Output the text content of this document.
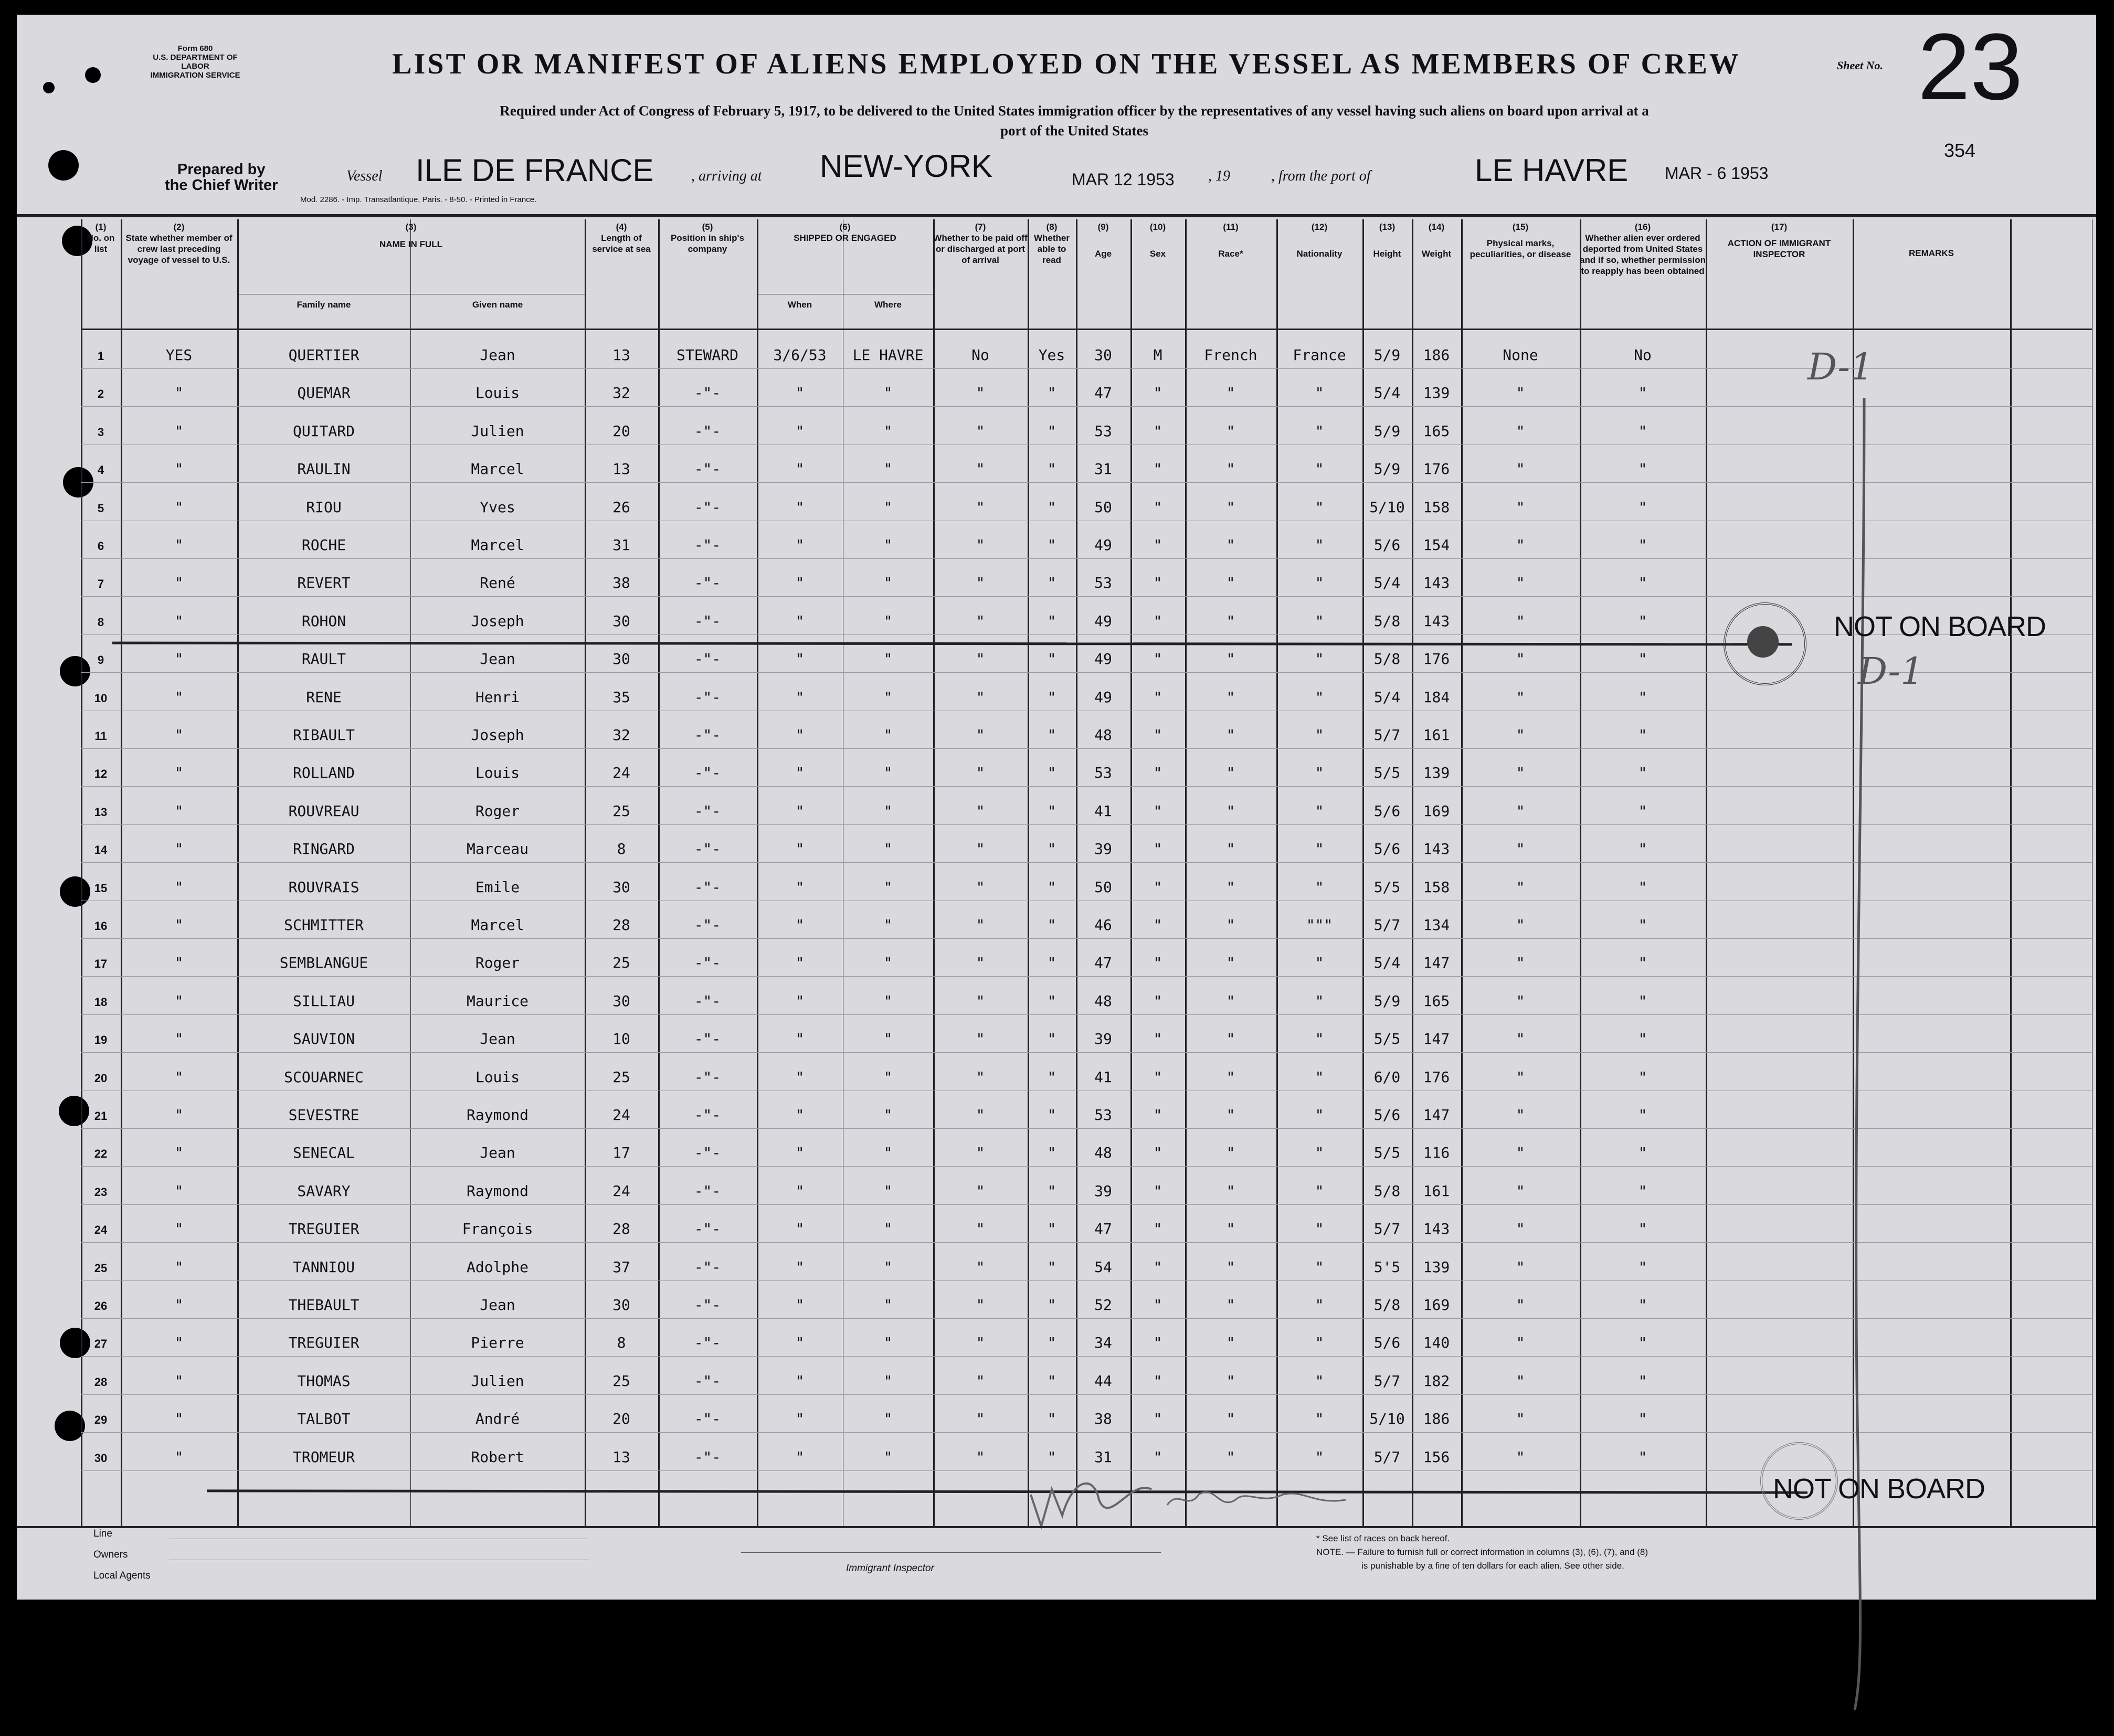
Form 680
U.S. DEPARTMENT OF LABOR
IMMIGRATION SERVICE	LIST OR MANIFEST OF ALIENS EMPLOYED ON THE VESSEL AS MEMBERS OF CREW
Required under Act of Congress of February 5, 1917, to be delivered to the United States immigration officer by the representatives of any vessel having such aliens on board upon arrival at a
port of the United States
Sheet No. 23
354
Prepared by
the Chief Writer
Vessel ILE DE FRANCE	, arriving at NEW-YORK	MAR 12 1953 , 19	, from the port of	LE HAVRE MAR - 6 1953
Mod. 2286. - Imp. Transatlantique, Paris. - 8-50. - Printed in France.
(1)
No. on list
(2)
State whether member of crew last preceding voyage of vessel to U.S.
(3)
NAME IN FULL
Family name	Given name
(4)
Length of service at sea
(5)
Position in ship's company
(6)
SHIPPED OR ENGAGED
When	Where
(7)
Whether to be paid off or discharged at port of arrival
(8)
Whether able to read
(9)
Age
(10)
Sex
(11)
Race*
(12)
Nationality
(13)
Height
(14)
Weight
(15)
Physical marks, peculiarities, or disease
(16)
Whether alien ever ordered deported from United States and if so, whether permission to reapply has been obtained
(17)
ACTION OF IMMIGRANT INSPECTOR	REMARKS
1	YES	QUERTIER	Jean	13	STEWARD	3/6/53	LE HAVRE	No	Yes	30	M	French	France	5/9	186	None	No
2	"	QUEMAR	Louis	32	-"-	"	"	"	"	47	"	"	"	5/4	139	"	"
3	"	QUITARD	Julien	20	-"-	"	"	"	"	53	"	"	"	5/9	165	"	"
4	"	RAULIN	Marcel	13	-"-	"	"	"	"	31	"	"	"	5/9	176	"	"
5	"	RIOU	Yves	26	-"-	"	"	"	"	50	"	"	"	5/10	158	"	"
6	"	ROCHE	Marcel	31	-"-	"	"	"	"	49	"	"	"	5/6	154	"	"
7	"	REVERT	René	38	-"-	"	"	"	"	53	"	"	"	5/4	143	"	"
8	"	ROHON	Joseph	30	-"-	"	"	"	"	49	"	"	"	5/8	143	"	"
9	"	RAULT	Jean	30	-"-	"	"	"	"	49	"	"	"	5/8	176	"	"
10	"	RENE	Henri	35	-"-	"	"	"	"	49	"	"	"	5/4	184	"	"
11	"	RIBAULT	Joseph	32	-"-	"	"	"	"	48	"	"	"	5/7	161	"	"
12	"	ROLLAND	Louis	24	-"-	"	"	"	"	53	"	"	"	5/5	139	"	"
13	"	ROUVREAU	Roger	25	-"-	"	"	"	"	41	"	"	"	5/6	169	"	"
14	"	RINGARD	Marceau	8	-"-	"	"	"	"	39	"	"	"	5/6	143	"	"
15	"	ROUVRAIS	Emile	30	-"-	"	"	"	"	50	"	"	"	5/5	158	"	"
16	"	SCHMITTER	Marcel	28	-"-	"	"	"	"	46	"	"	"""	5/7	134	"	"
17	"	SEMBLANGUE	Roger	25	-"-	"	"	"	"	47	"	"	"	5/4	147	"	"
18	"	SILLIAU	Maurice	30	-"-	"	"	"	"	48	"	"	"	5/9	165	"	"
19	"	SAUVION	Jean	10	-"-	"	"	"	"	39	"	"	"	5/5	147	"	"
20	"	SCOUARNEC	Louis	25	-"-	"	"	"	"	41	"	"	"	6/0	176	"	"
21	"	SEVESTRE	Raymond	24	-"-	"	"	"	"	53	"	"	"	5/6	147	"	"
22	"	SENECAL	Jean	17	-"-	"	"	"	"	48	"	"	"	5/5	116	"	"
23	"	SAVARY	Raymond	24	-"-	"	"	"	"	39	"	"	"	5/8	161	"	"
24	"	TREGUIER	François	28	-"-	"	"	"	"	47	"	"	"	5/7	143	"	"
25	"	TANNIOU	Adolphe	37	-"-	"	"	"	"	54	"	"	"	5'5	139	"	"
26	"	THEBAULT	Jean	30	-"-	"	"	"	"	52	"	"	"	5/8	169	"	"
27	"	TREGUIER	Pierre	8	-"-	"	"	"	"	34	"	"	"	5/6	140	"	"
28	"	THOMAS	Julien	25	-"-	"	"	"	"	44	"	"	"	5/7	182	"	"
29	"	TALBOT	André	20	-"-	"	"	"	"	38	"	"	"	5/10	186	"	"
30	"	TROMEUR	Robert	13	-"-	"	"	"	"	31	"	"	"	5/7	156	"	"
D-1
D-1
NOT ON BOARD
NOT ON BOARD
Line
Owners
Local Agents
Immigrant Inspector
* See list of races on back hereof.
NOTE. — Failure to furnish full or correct information in columns (3), (6), (7), and (8)
is punishable by a fine of ten dollars for each alien. See other side.
